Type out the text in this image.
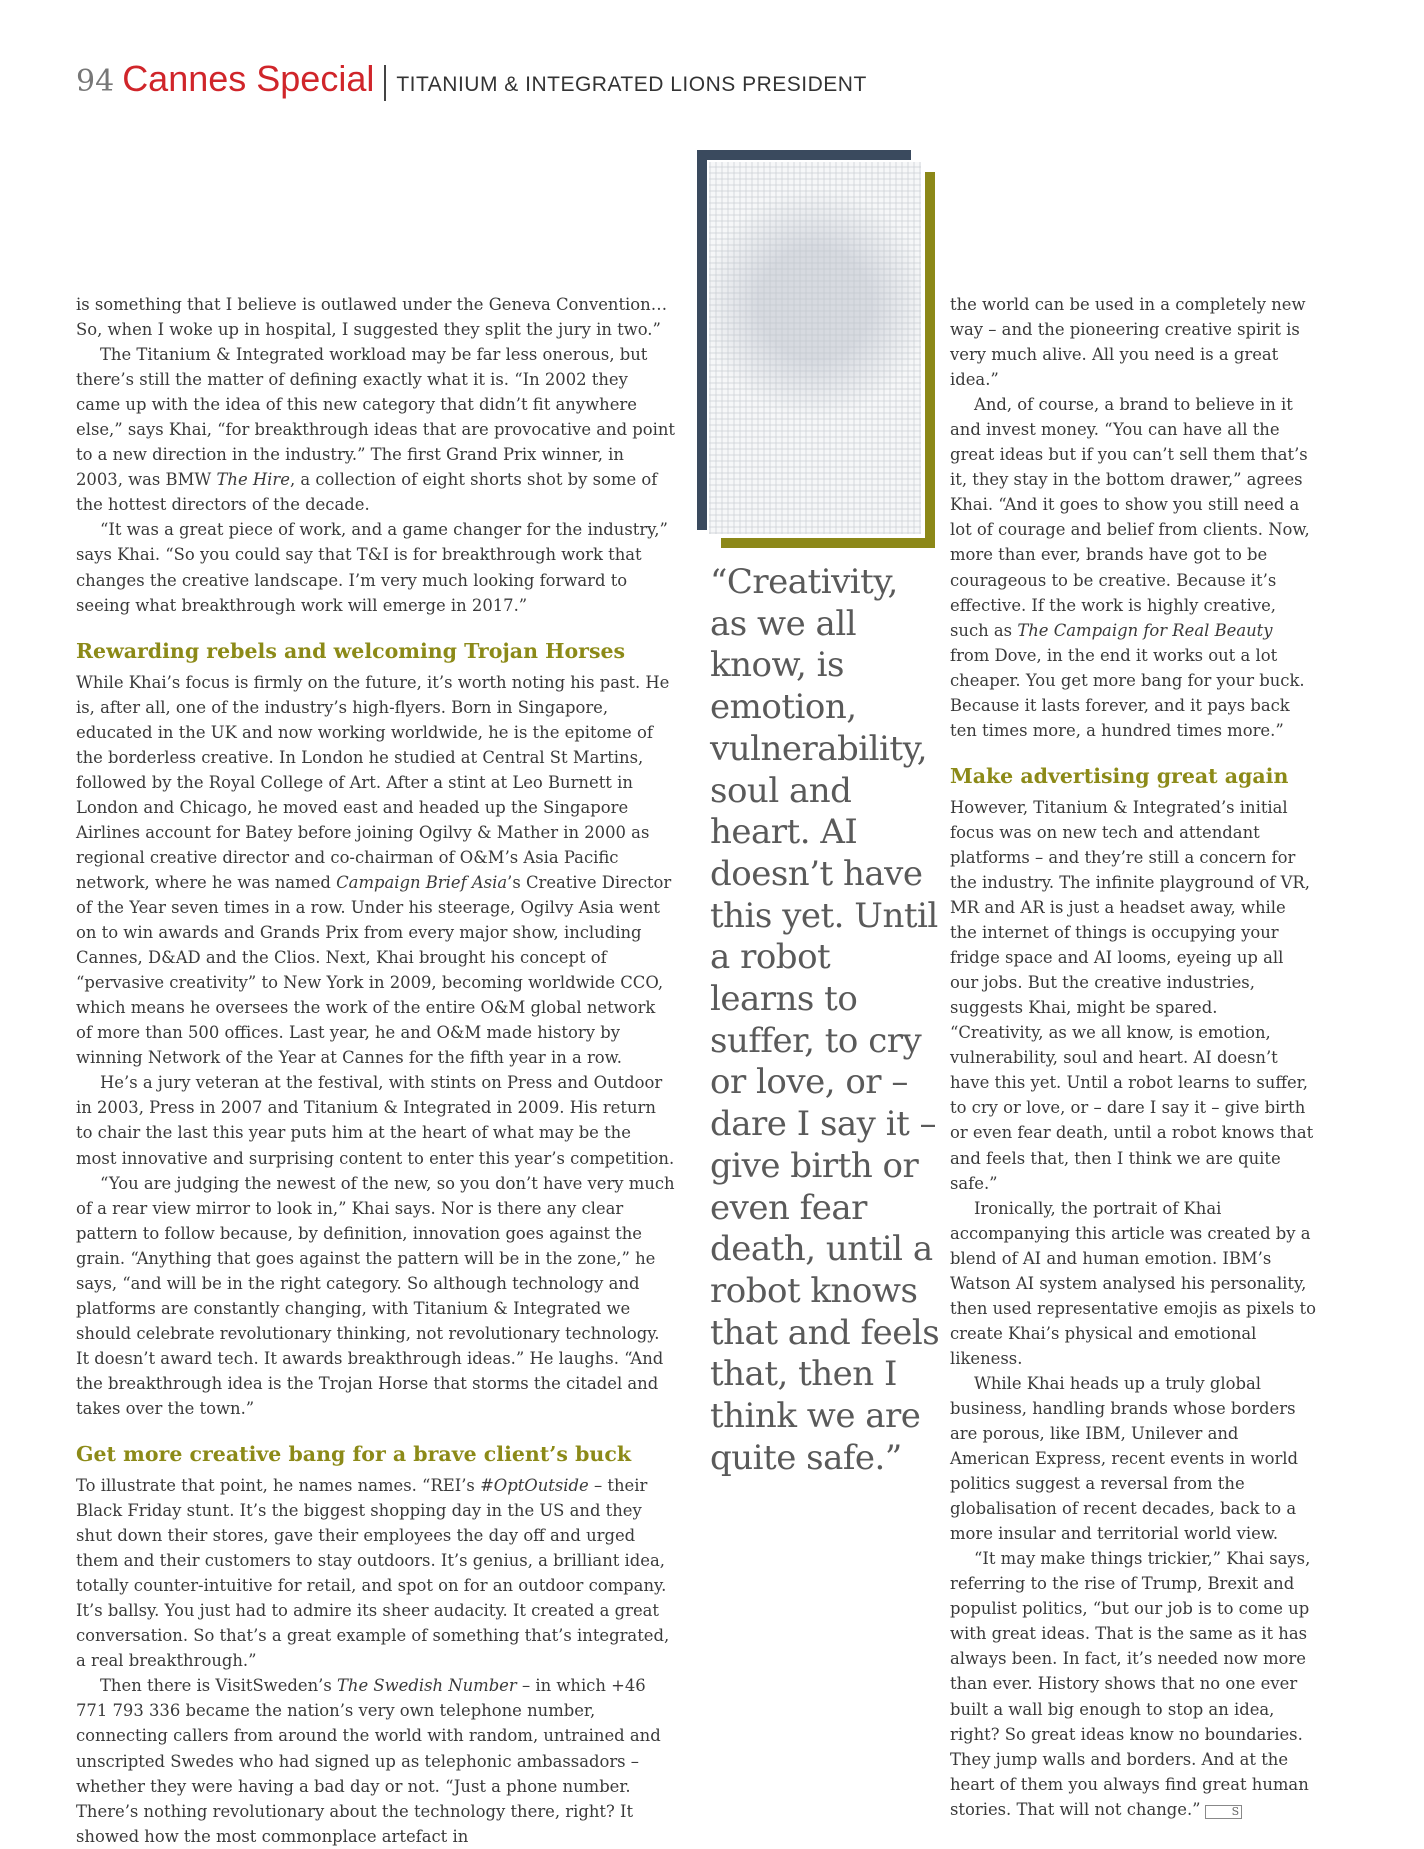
94 Cannes Special TITANIUM & INTEGRATED LIONS PRESIDENT

is something that I believe is outlawed under the Geneva Convention… So, when I woke up in hospital, I suggested they split the jury in two.”

The Titanium & Integrated workload may be far less onerous, but there’s still the matter of defining exactly what it is. “In 2002 they came up with the idea of this new category that didn’t fit anywhere else,” says Khai, “for breakthrough ideas that are provocative and point to a new direction in the industry.” The first Grand Prix winner, in 2003, was BMW The Hire, a collection of eight shorts shot by some of the hottest directors of the decade.

“It was a great piece of work, and a game changer for the industry,” says Khai. “So you could say that T&I is for breakthrough work that changes the creative landscape. I’m very much looking forward to seeing what breakthrough work will emerge in 2017.”

Rewarding rebels and welcoming Trojan Horses

While Khai’s focus is firmly on the future, it’s worth noting his past. He is, after all, one of the industry’s high-flyers. Born in Singapore, educated in the UK and now working worldwide, he is the epitome of the borderless creative. In London he studied at Central St Martins, followed by the Royal College of Art. After a stint at Leo Burnett in London and Chicago, he moved east and headed up the Singapore Airlines account for Batey before joining Ogilvy & Mather in 2000 as regional creative director and co-chairman of O&M’s Asia Pacific network, where he was named Campaign Brief Asia’s Creative Director of the Year seven times in a row. Under his steerage, Ogilvy Asia went on to win awards and Grands Prix from every major show, including Cannes, D&AD and the Clios. Next, Khai brought his concept of “pervasive creativity” to New York in 2009, becoming worldwide CCO, which means he oversees the work of the entire O&M global network of more than 500 offices. Last year, he and O&M made history by winning Network of the Year at Cannes for the fifth year in a row.

He’s a jury veteran at the festival, with stints on Press and Outdoor in 2003, Press in 2007 and Titanium & Integrated in 2009. His return to chair the last this year puts him at the heart of what may be the most innovative and surprising content to enter this year’s competition.

“You are judging the newest of the new, so you don’t have very much of a rear view mirror to look in,” Khai says. Nor is there any clear pattern to follow because, by definition, innovation goes against the grain. “Anything that goes against the pattern will be in the zone,” he says, “and will be in the right category. So although technology and platforms are constantly changing, with Titanium & Integrated we should celebrate revolutionary thinking, not revolutionary technology. It doesn’t award tech. It awards breakthrough ideas.” He laughs. “And the breakthrough idea is the Trojan Horse that storms the citadel and takes over the town.”

Get more creative bang for a brave client’s buck

To illustrate that point, he names names. “REI’s #OptOutside – their Black Friday stunt. It’s the biggest shopping day in the US and they shut down their stores, gave their employees the day off and urged them and their customers to stay outdoors. It’s genius, a brilliant idea, totally counter-intuitive for retail, and spot on for an outdoor company. It’s ballsy. You just had to admire its sheer audacity. It created a great conversation. So that’s a great example of something that’s integrated, a real breakthrough.”

Then there is VisitSweden’s The Swedish Number – in which +46 771 793 336 became the nation’s very own telephone number, connecting callers from around the world with random, untrained and unscripted Swedes who had signed up as telephonic ambassadors – whether they were having a bad day or not. “Just a phone number. There’s nothing revolutionary about the technology there, right? It showed how the most commonplace artefact in

“Creativity, as we all know, is emotion, vulnerability, soul and heart. AI doesn’t have this yet. Until a robot learns to suffer, to cry or love, or – dare I say it – give birth or even fear death, until a robot knows that and feels that, then I think we are quite safe.”

the world can be used in a completely new way – and the pioneering creative spirit is very much alive. All you need is a great idea.”

And, of course, a brand to believe in it and invest money. “You can have all the great ideas but if you can’t sell them that’s it, they stay in the bottom drawer,” agrees Khai. “And it goes to show you still need a lot of courage and belief from clients. Now, more than ever, brands have got to be courageous to be creative. Because it’s effective. If the work is highly creative, such as The Campaign for Real Beauty from Dove, in the end it works out a lot cheaper. You get more bang for your buck. Because it lasts forever, and it pays back ten times more, a hundred times more.”

Make advertising great again

However, Titanium & Integrated’s initial focus was on new tech and attendant platforms – and they’re still a concern for the industry. The infinite playground of VR, MR and AR is just a headset away, while the internet of things is occupying your fridge space and AI looms, eyeing up all our jobs. But the creative industries, suggests Khai, might be spared. “Creativity, as we all know, is emotion, vulnerability, soul and heart. AI doesn’t have this yet. Until a robot learns to suffer, to cry or love, or – dare I say it – give birth or even fear death, until a robot knows that and feels that, then I think we are quite safe.”

Ironically, the portrait of Khai accompanying this article was created by a blend of AI and human emotion. IBM’s Watson AI system analysed his personality, then used representative emojis as pixels to create Khai’s physical and emotional likeness.

While Khai heads up a truly global business, handling brands whose borders are porous, like IBM, Unilever and American Express, recent events in world politics suggest a reversal from the globalisation of recent decades, back to a more insular and territorial world view.

“It may make things trickier,” Khai says, referring to the rise of Trump, Brexit and populist politics, “but our job is to come up with great ideas. That is the same as it has always been. In fact, it’s needed now more than ever. History shows that no one ever built a wall big enough to stop an idea, right? So great ideas know no boundaries. They jump walls and borders. And at the heart of them you always find great human stories. That will not change.”	S
